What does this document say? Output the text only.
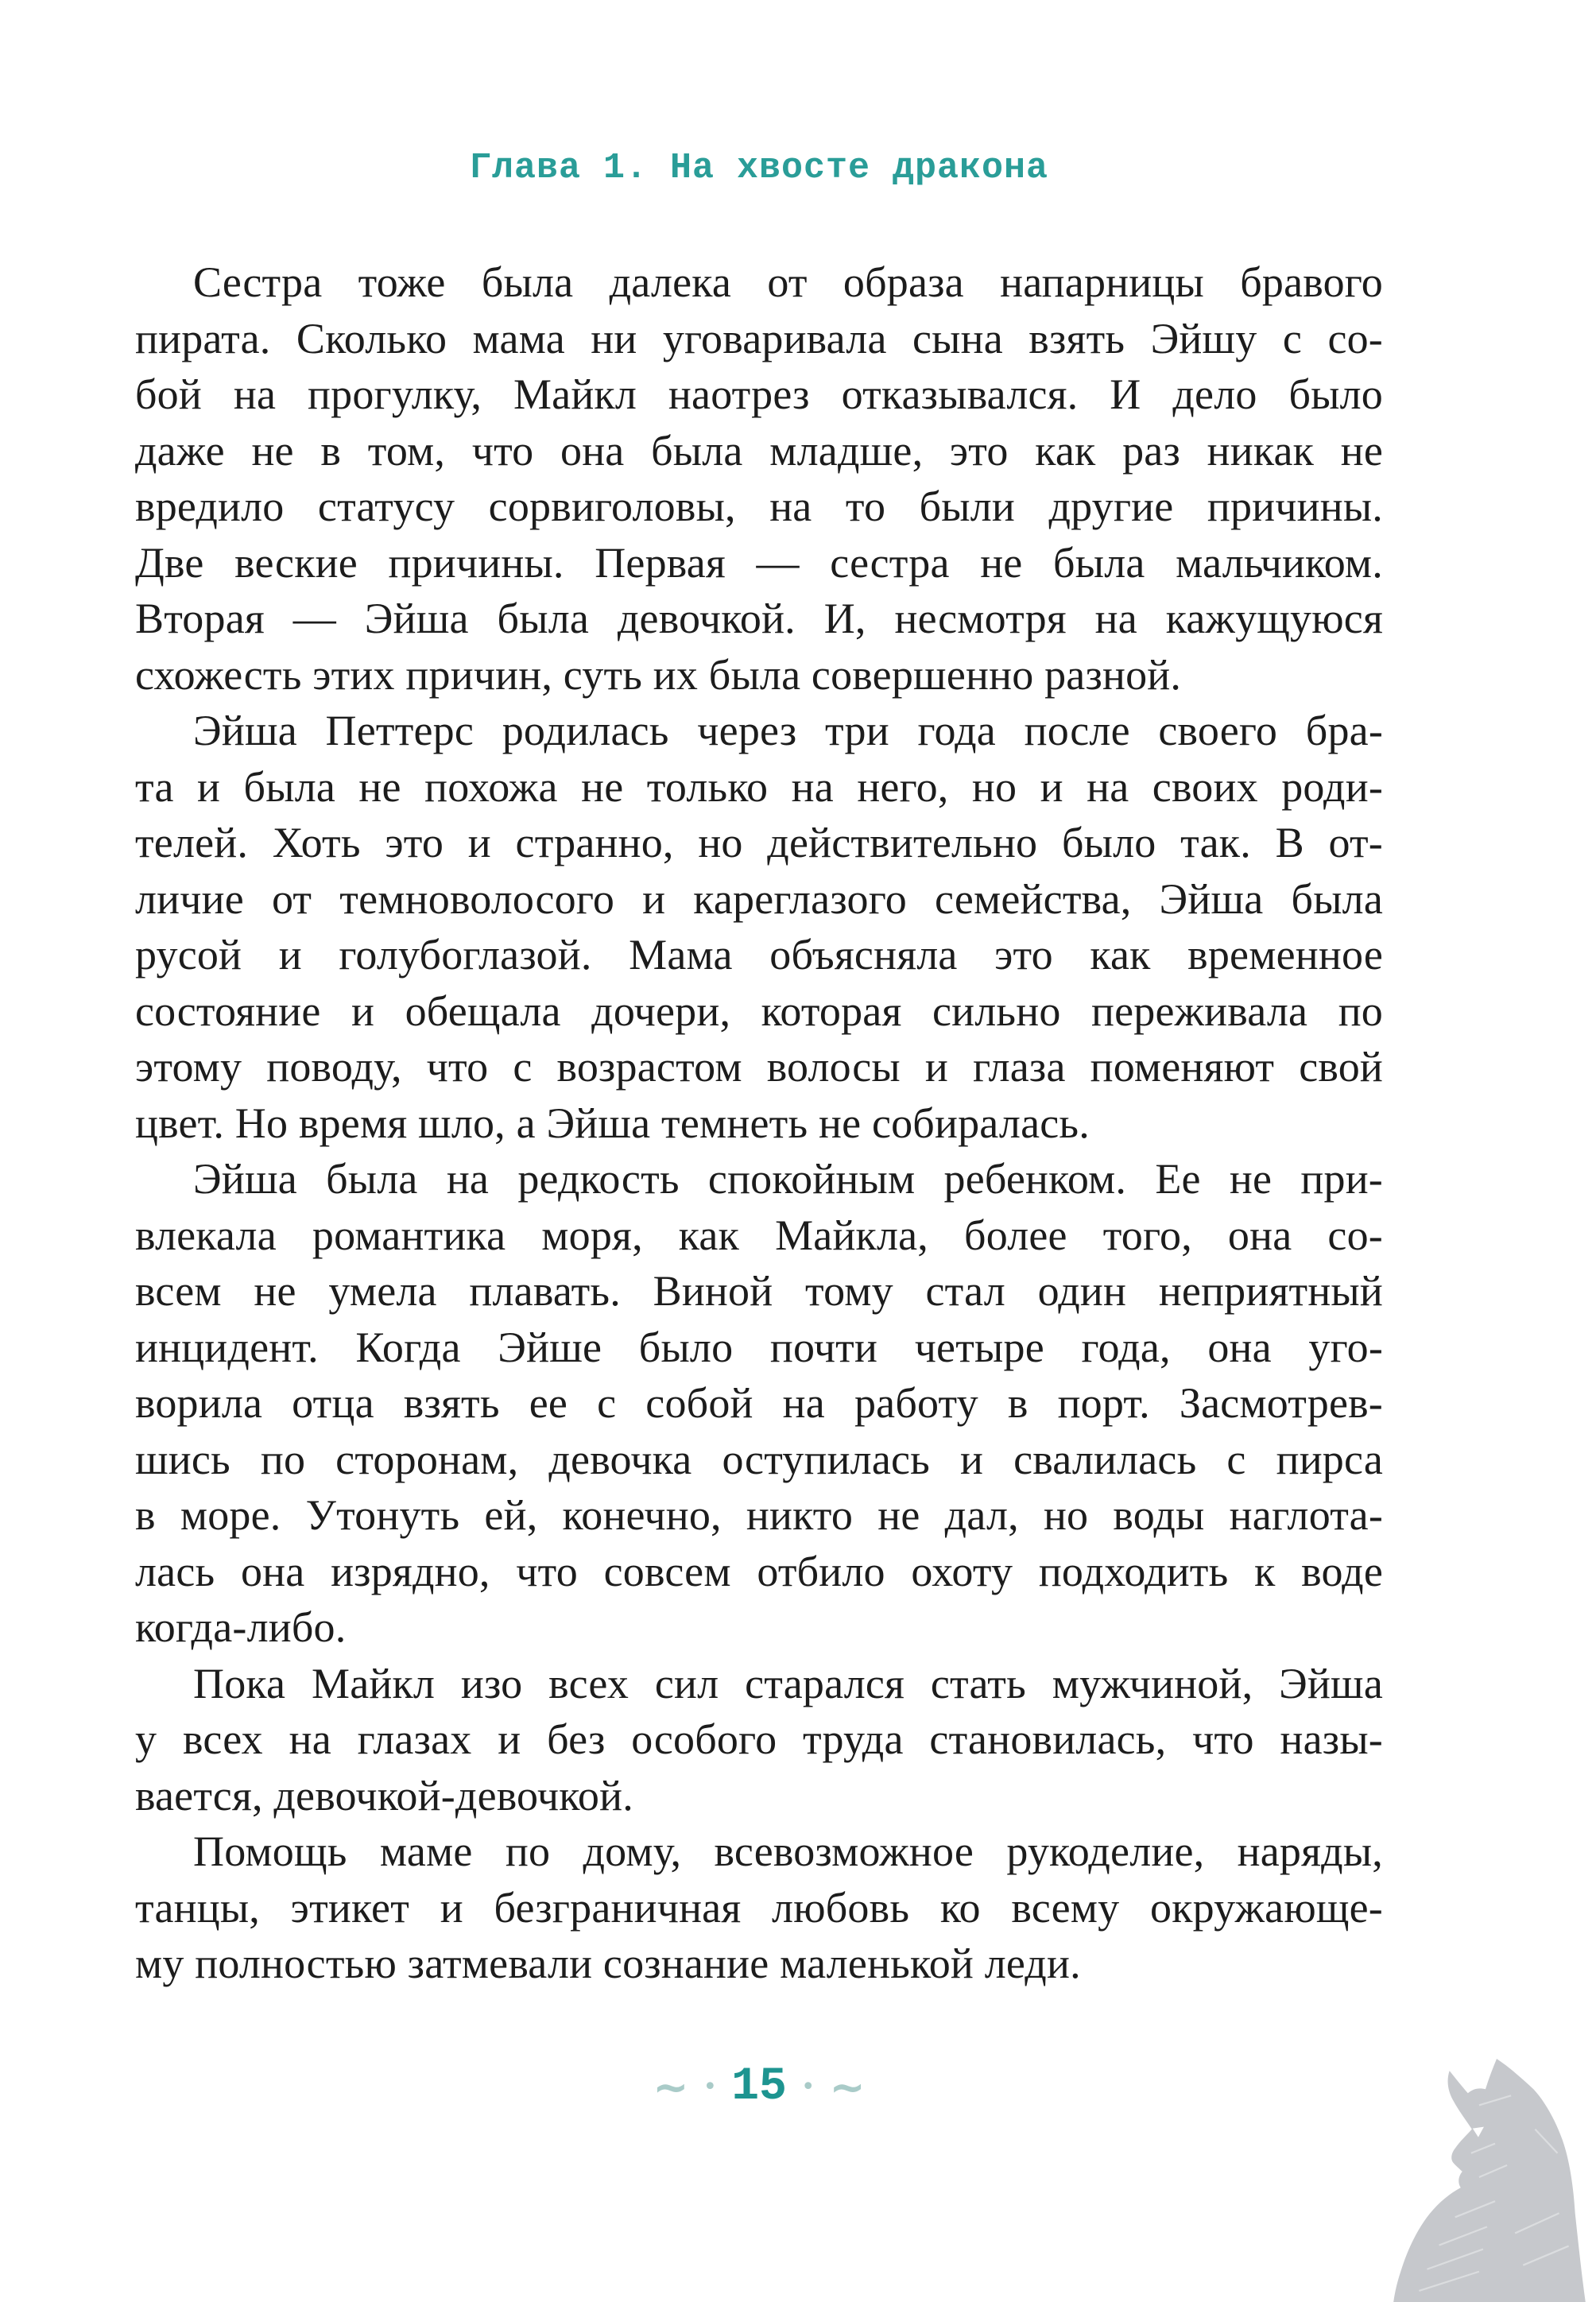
Глава 1. На хвосте дракона
Сестра тоже была далека от образа напарницы бравого
пирата. Сколько мама ни уговаривала сына взять Эйшу с со-
бой на прогулку, Майкл наотрез отказывался. И дело было
даже не в том, что она была младше, это как раз никак не
вредило статусу сорвиголовы, на то были другие причины.
Две веские причины. Первая — сестра не была мальчиком.
Вторая — Эйша была девочкой. И, несмотря на кажущуюся
схожесть этих причин, суть их была совершенно разной.
Эйша Петтерс родилась через три года после своего бра-
та и была не похожа не только на него, но и на своих роди-
телей. Хоть это и странно, но действительно было так. В от-
личие от темноволосого и кареглазого семейства, Эйша была
русой и голубоглазой. Мама объясняла это как временное
состояние и обещала дочери, которая сильно переживала по
этому поводу, что с возрастом волосы и глаза поменяют свой
цвет. Но время шло, а Эйша темнеть не собиралась.
Эйша была на редкость спокойным ребенком. Ее не при-
влекала романтика моря, как Майкла, более того, она со-
всем не умела плавать. Виной тому стал один неприятный
инцидент. Когда Эйше было почти четыре года, она уго-
ворила отца взять ее с собой на работу в порт. Засмотрев-
шись по сторонам, девочка оступилась и свалилась с пирса
в море. Утонуть ей, конечно, никто не дал, но воды наглота-
лась она изрядно, что совсем отбило охоту подходить к воде
когда-либо.
Пока Майкл изо всех сил старался стать мужчиной, Эйша
у всех на глазах и без особого труда становилась, что назы-
вается, девочкой-девочкой.
Помощь маме по дому, всевозможное рукоделие, наряды,
танцы, этикет и безграничная любовь ко всему окружающе-
му полностью затмевали сознание маленькой леди.
~ • 15 • ~
